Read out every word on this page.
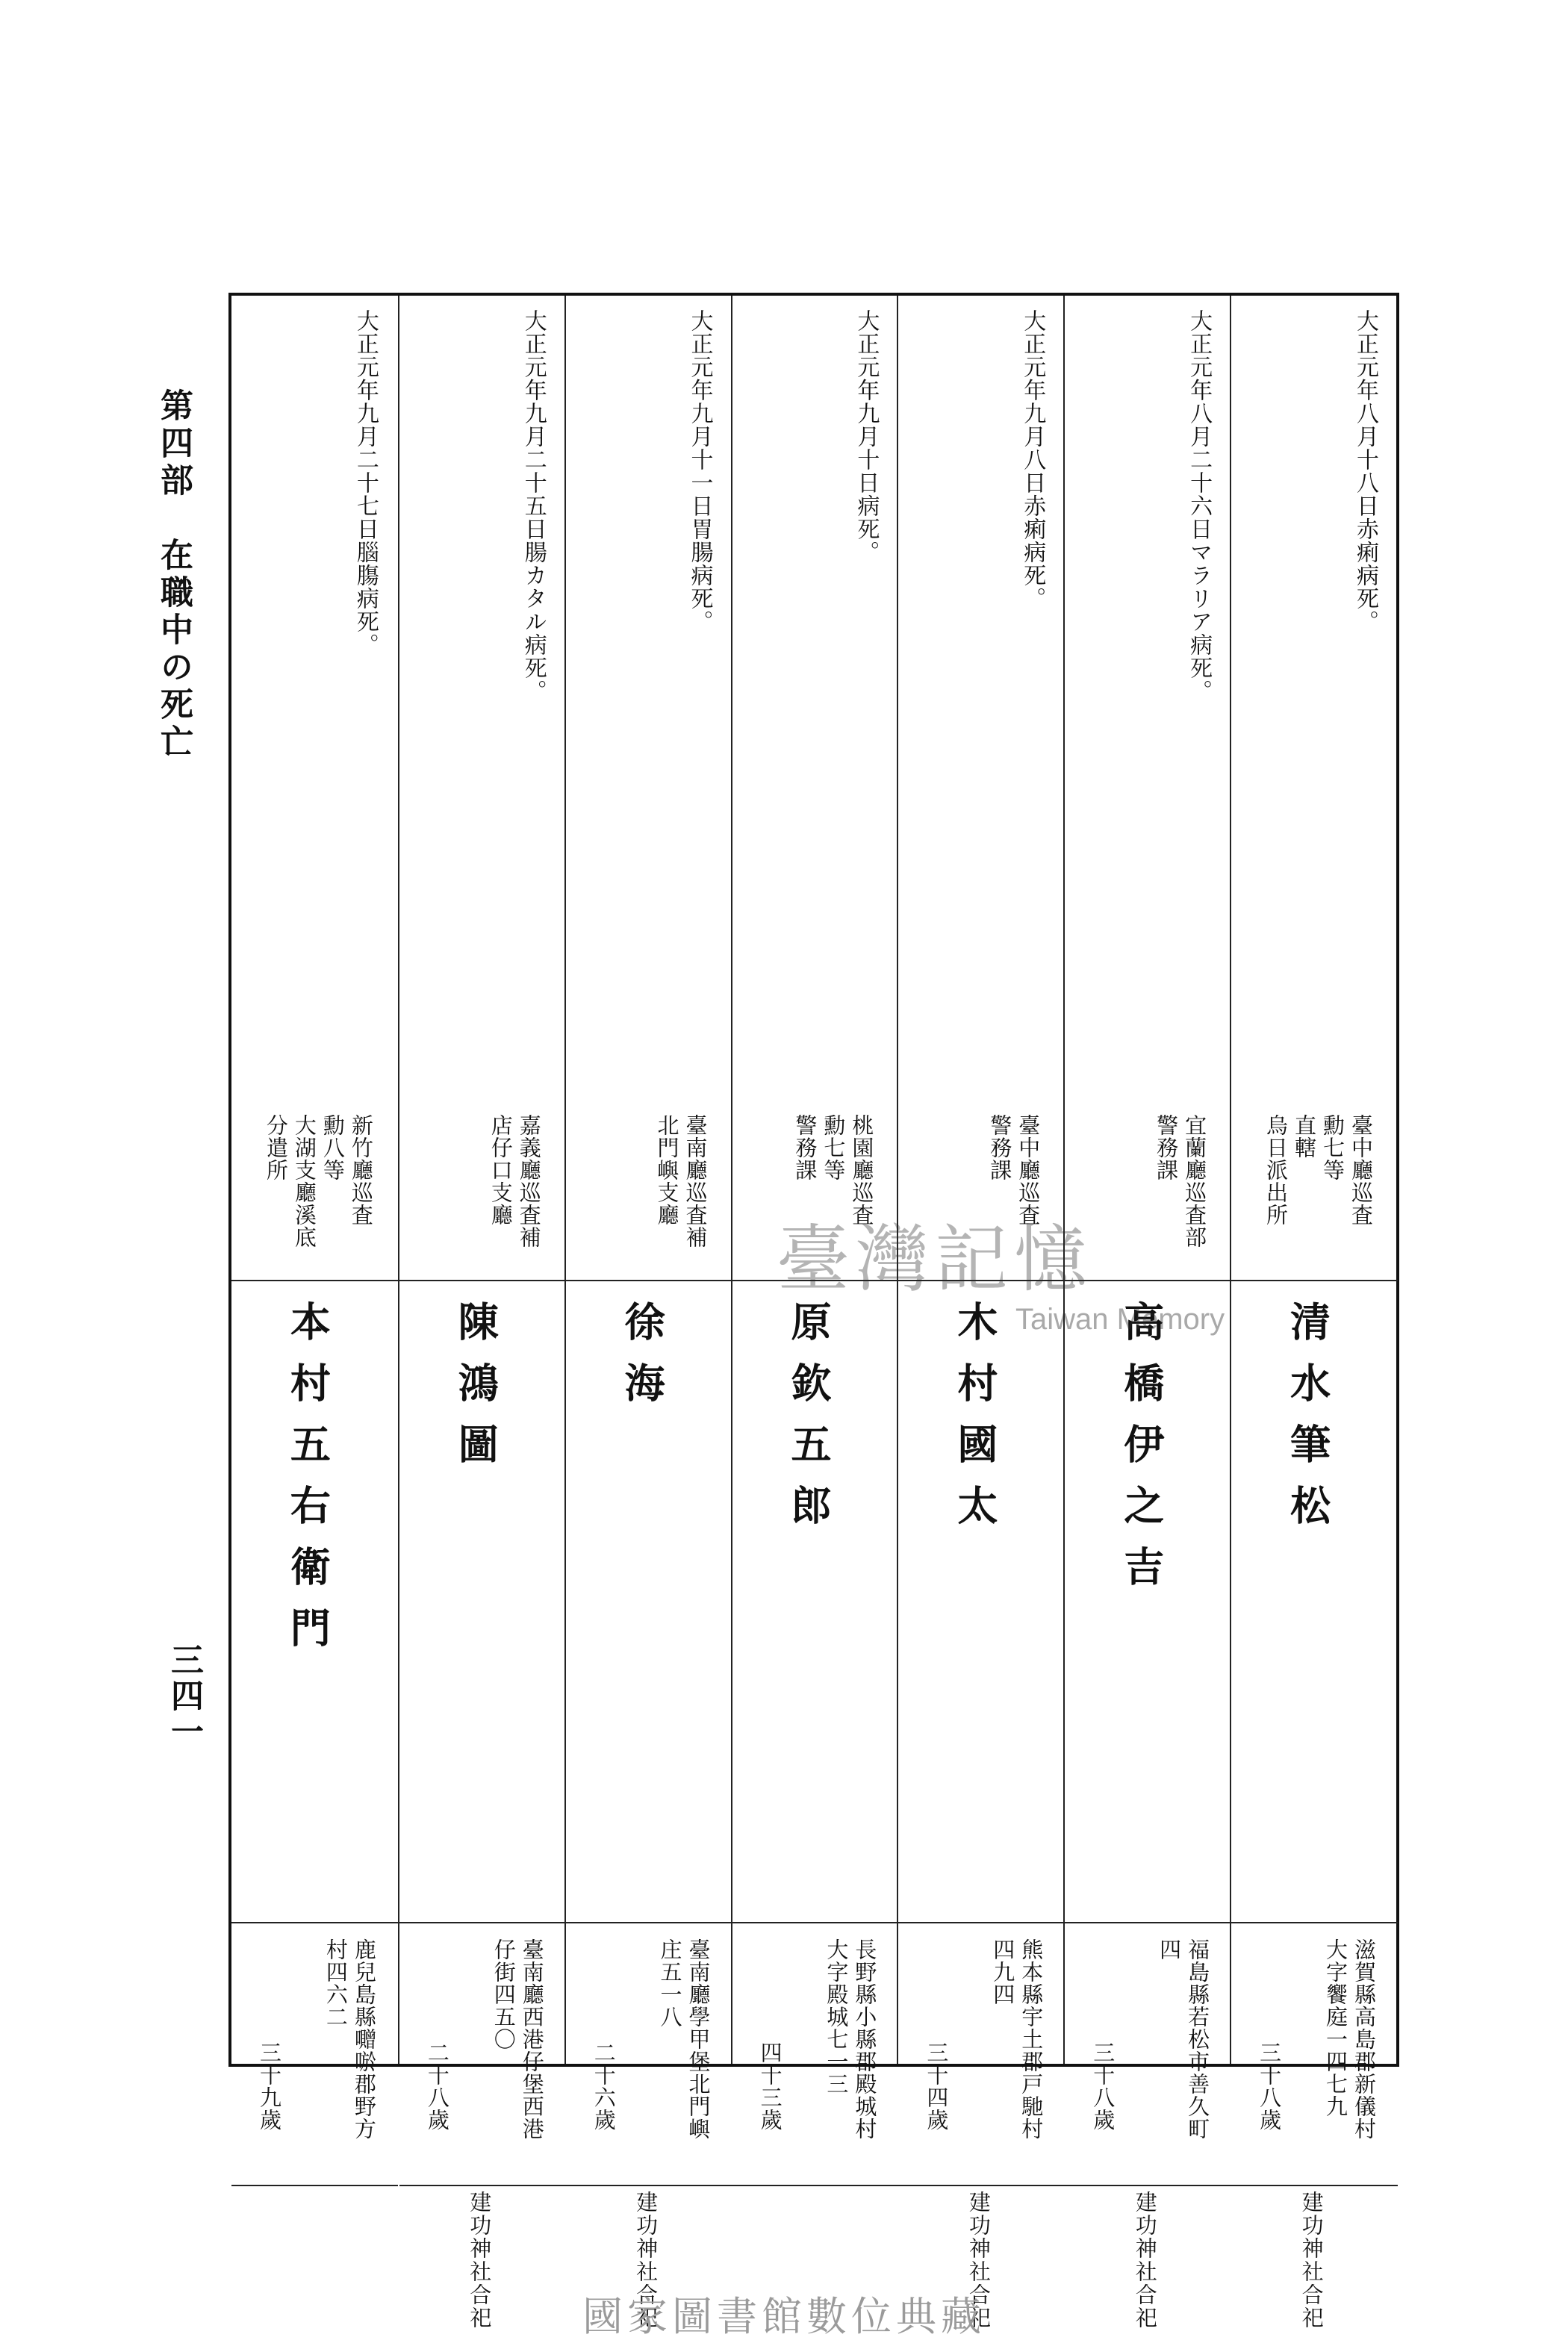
第四部　在職中の死亡
三四一
大正元年八月十八日赤痢病死。
臺中廳巡査
勳七等
直轄
烏日派出所
清水筆松
滋賀縣高島郡新儀村
大字饗庭一四七九
三十八歲
建功神社合祀
大正元年八月二十六日マラリア病死。
宜蘭廳巡査部
警務課
高橋伊之吉
福島縣若松市善久町
四
三十八歲
建功神社合祀
大正元年九月八日赤痢病死。
臺中廳巡査
警務課
木村國太
熊本縣宇土郡戸馳村
四九四
三十四歲
建功神社合祀
大正元年九月十日病死。
桃園廳巡査
勳七等
警務課
原欽五郎
長野縣小縣郡殿城村
大字殿城七一三
四十三歲
大正元年九月十一日胃腸病死。
臺南廳巡査補
北門嶼支廳
徐海
臺南廳學甲堡北門嶼
庄五一八
二十六歲
建功神社合祀
大正元年九月二十五日腸カタル病死。
嘉義廳巡査補
店仔口支廳
陳鴻圖
臺南廳西港仔堡西港
仔街四五〇
二十八歲
建功神社合祀
大正元年九月二十七日腦膓病死。
新竹廳巡査
勳八等
大湖支廳溪底
分遣所
本村五右衛門
鹿兒島縣囎唹郡野方
村四六二
三十九歲
臺灣記憶
Taiwan Memory
國家圖書館數位典藏
